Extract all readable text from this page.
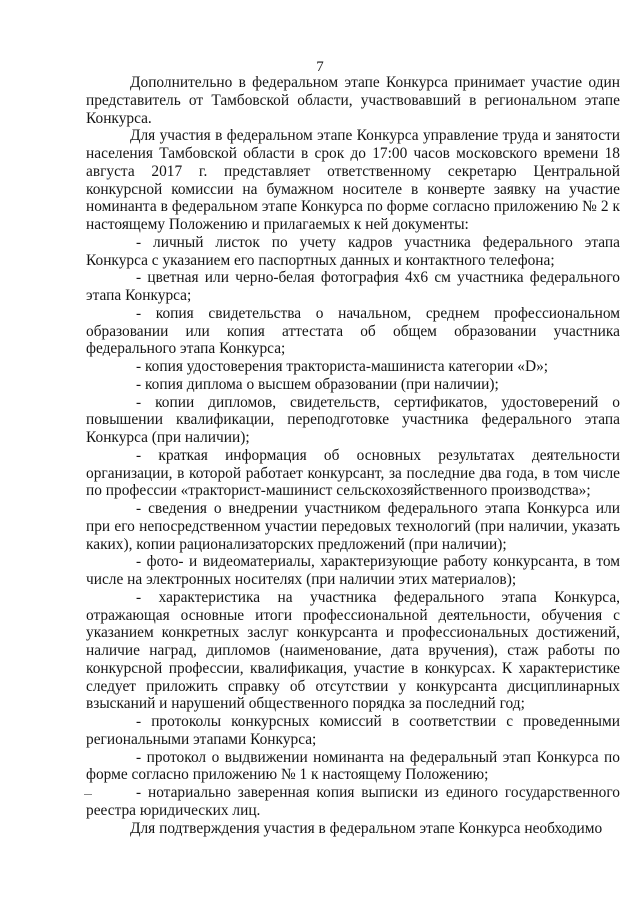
7

Дополнительно в федеральном этапе Конкурса принимает участие один представитель от Тамбовской области, участвовавший в региональном этапе Конкурса.

Для участия в федеральном этапе Конкурса управление труда и занятости населения Тамбовской области в срок до 17:00 часов московского времени 18 августа 2017 г. представляет ответственному секретарю Центральной конкурсной комиссии на бумажном носителе в конверте заявку на участие номинанта в федеральном этапе Конкурса по форме согласно приложению № 2 к настоящему Положению и прилагаемых к ней документы:

- личный листок по учету кадров участника федерального этапа Конкурса с указанием его паспортных данных и контактного телефона;

- цветная или черно-белая фотография 4х6 см участника федерального этапа Конкурса;

- копия свидетельства о начальном, среднем профессиональном образовании или копия аттестата об общем образовании участника федерального этапа Конкурса;

- копия удостоверения тракториста-машиниста категории «D»;

- копия диплома о высшем образовании (при наличии);

- копии дипломов, свидетельств, сертификатов, удостоверений о повышении квалификации, переподготовке участника федерального этапа Конкурса (при наличии);

- краткая информация об основных результатах деятельности организации, в которой работает конкурсант, за последние два года, в том числе по профессии «тракторист-машинист сельскохозяйственного производства»;

- сведения о внедрении участником федерального этапа Конкурса или при его непосредственном участии передовых технологий (при наличии, указать каких), копии рационализаторских предложений (при наличии);

- фото- и видеоматериалы, характеризующие работу конкурсанта, в том числе на электронных носителях (при наличии этих материалов);

- характеристика на участника федерального этапа Конкурса, отражающая основные итоги профессиональной деятельности, обучения с указанием конкретных заслуг конкурсанта и профессиональных достижений, наличие наград, дипломов (наименование, дата вручения), стаж работы по конкурсной профессии, квалификация, участие в конкурсах. К характеристике следует приложить справку об отсутствии у конкурсанта дисциплинарных взысканий и нарушений общественного порядка за последний год;

- протоколы конкурсных комиссий в соответствии с проведенными региональными этапами Конкурса;

- протокол о выдвижении номинанта на федеральный этап Конкурса по форме согласно приложению № 1 к настоящему Положению;

- нотариально заверенная копия выписки из единого государственного реестра юридических лиц.

Для подтверждения участия в федеральном этапе Конкурса необходимо
